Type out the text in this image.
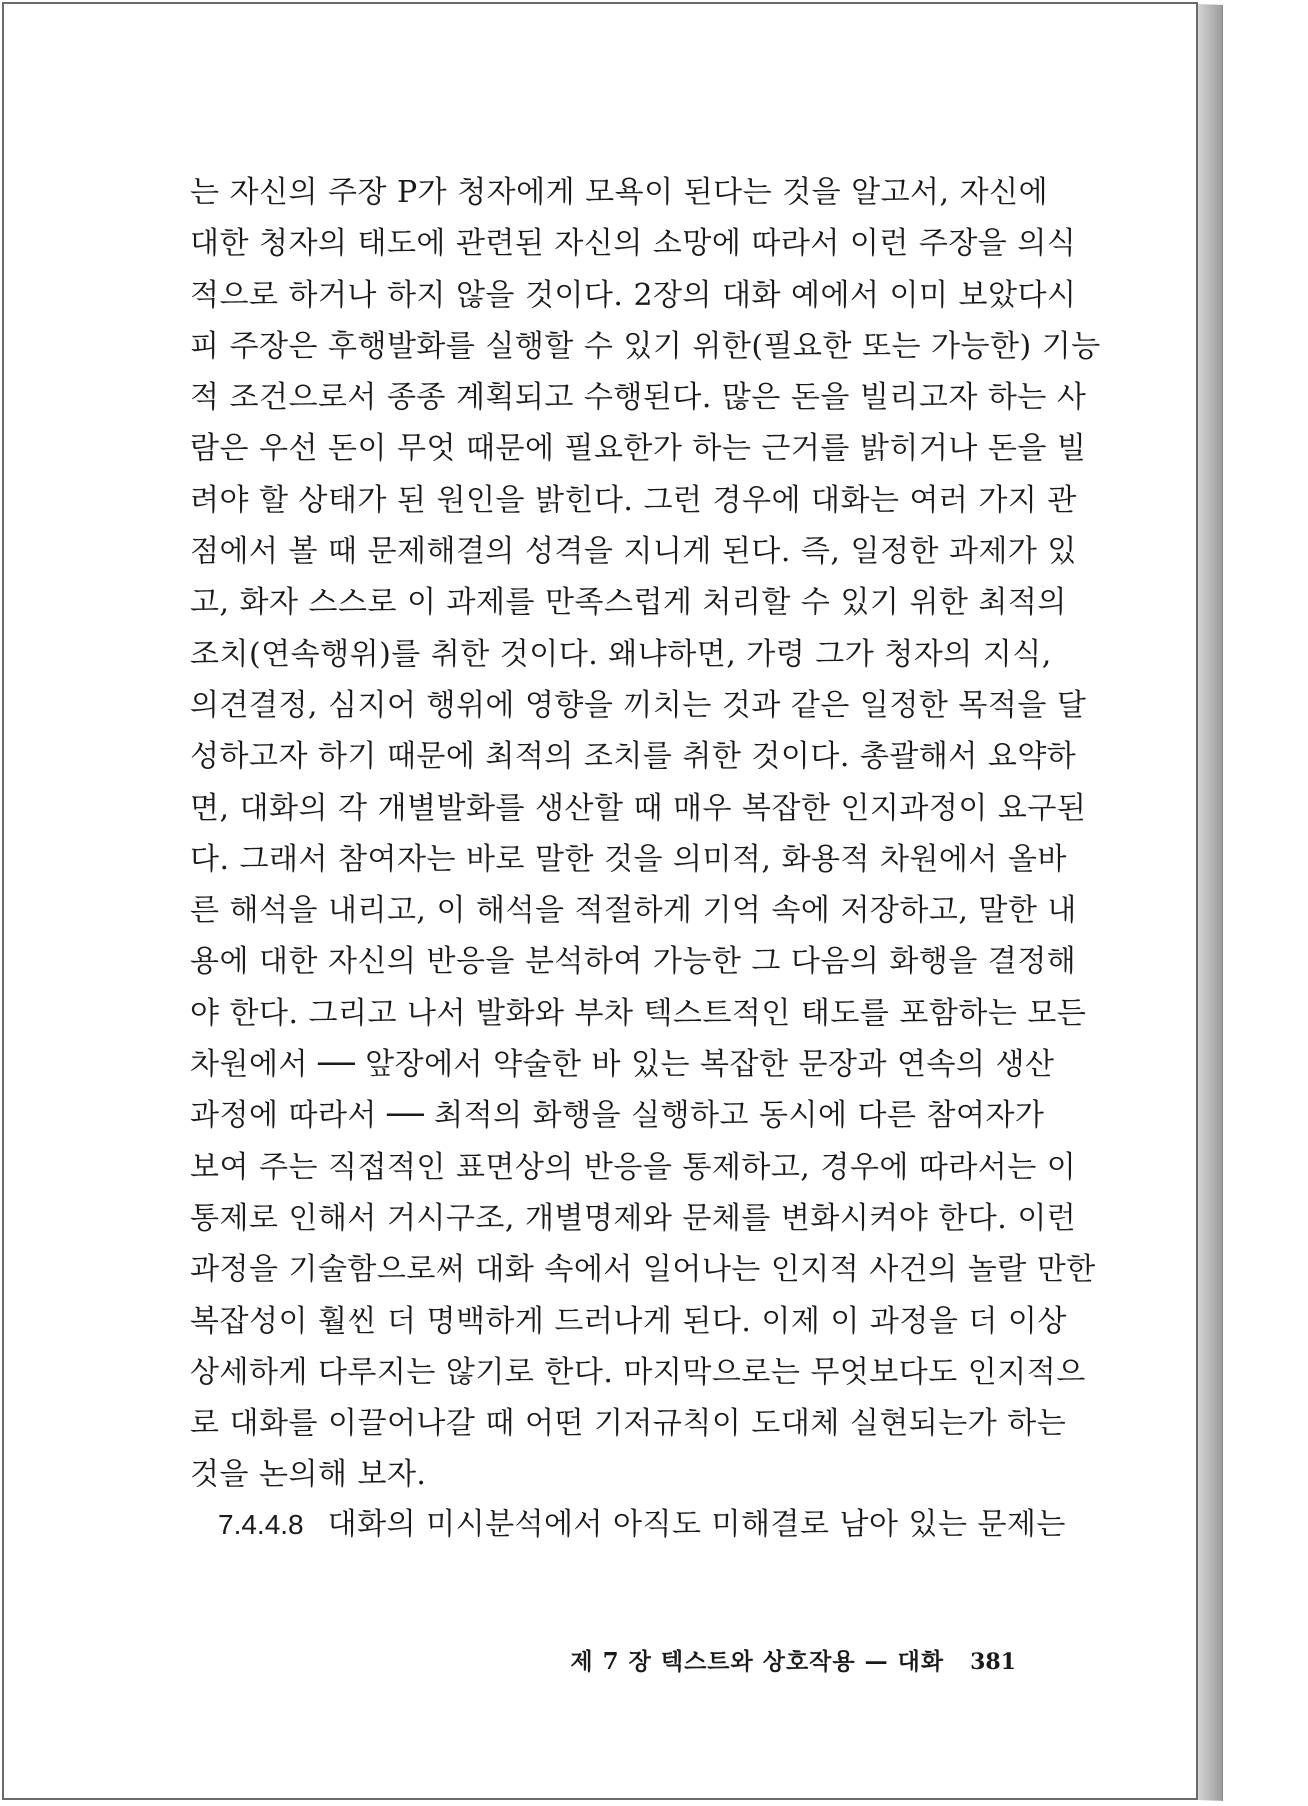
는 자신의 주장 P가 청자에게 모욕이 된다는 것을 알고서, 자신에
대한 청자의 태도에 관련된 자신의 소망에 따라서 이런 주장을 의식
적으로 하거나 하지 않을 것이다. 2장의 대화 예에서 이미 보았다시
피 주장은 후행발화를 실행할 수 있기 위한(필요한 또는 가능한) 기능
적 조건으로서 종종 계획되고 수행된다. 많은 돈을 빌리고자 하는 사
람은 우선 돈이 무엇 때문에 필요한가 하는 근거를 밝히거나 돈을 빌
려야 할 상태가 된 원인을 밝힌다. 그런 경우에 대화는 여러 가지 관
점에서 볼 때 문제해결의 성격을 지니게 된다. 즉, 일정한 과제가 있
고, 화자 스스로 이 과제를 만족스럽게 처리할 수 있기 위한 최적의
조치(연속행위)를 취한 것이다. 왜냐하면, 가령 그가 청자의 지식,
의견결정, 심지어 행위에 영향을 끼치는 것과 같은 일정한 목적을 달
성하고자 하기 때문에 최적의 조치를 취한 것이다. 총괄해서 요약하
면, 대화의 각 개별발화를 생산할 때 매우 복잡한 인지과정이 요구된
다. 그래서 참여자는 바로 말한 것을 의미적, 화용적 차원에서 올바
른 해석을 내리고, 이 해석을 적절하게 기억 속에 저장하고, 말한 내
용에 대한 자신의 반응을 분석하여 가능한 그 다음의 화행을 결정해
야 한다. 그리고 나서 발화와 부차 텍스트적인 태도를 포함하는 모든
차원에서 ── 앞장에서 약술한 바 있는 복잡한 문장과 연속의 생산
과정에 따라서 ── 최적의 화행을 실행하고 동시에 다른 참여자가
보여 주는 직접적인 표면상의 반응을 통제하고, 경우에 따라서는 이
통제로 인해서 거시구조, 개별명제와 문체를 변화시켜야 한다. 이런
과정을 기술함으로써 대화 속에서 일어나는 인지적 사건의 놀랄 만한
복잡성이 훨씬 더 명백하게 드러나게 된다. 이제 이 과정을 더 이상
상세하게 다루지는 않기로 한다. 마지막으로는 무엇보다도 인지적으
로 대화를 이끌어나갈 때 어떤 기저규칙이 도대체 실현되는가 하는
것을 논의해 보자.
7.4.4.8 대화의 미시분석에서 아직도 미해결로 남아 있는 문제는
제 7 장 텍스트와 상호작용 — 대화 381
